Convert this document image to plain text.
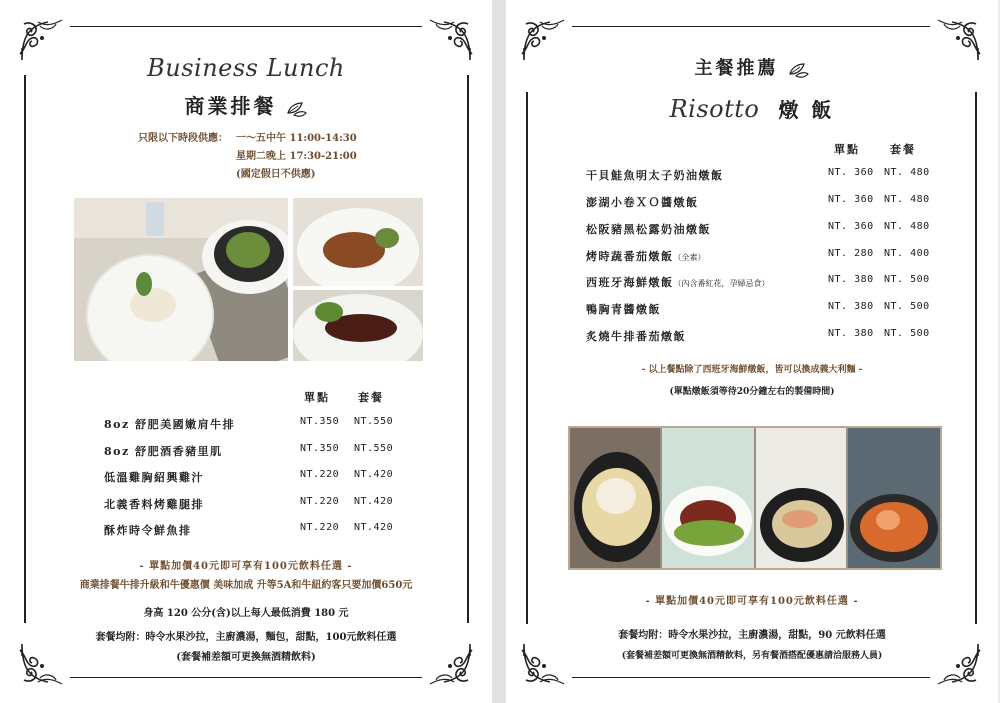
Business Lunch
商業排餐
只限以下時段供應： 一～五中午 11:00-14:30
星期二晚上 17:30-21:00
(國定假日不供應)
單點	套餐
8oz 舒肥美國嫩肩牛排	NT.350 NT.550
8oz 舒肥酒香豬里肌	NT.350 NT.550
低溫雞胸紹興雞汁	NT.220 NT.420
北義香料烤雞腿排	NT.220 NT.420
酥炸時令鮮魚排	NT.220 NT.420
- 單點加價40元即可享有100元飲料任選 -
商業排餐牛排升級和牛優惠價 美味加成 升等5A和牛紐約客只要加價650元
身高 120 公分(含)以上每人最低消費 180 元
套餐均附：時令水果沙拉，主廚濃湯，麵包，甜點，100元飲料任選
(套餐補差額可更換無酒精飲料)
主餐推薦
Risotto 燉 飯
單點	套餐
干貝鮭魚明太子奶油燉飯	NT. 360 NT. 480
澎湖小卷ＸＯ醬燉飯	NT. 360 NT. 480
松阪豬黑松露奶油燉飯	NT. 360 NT. 480
烤時蔬番茄燉飯（全素）	NT. 280 NT. 400
西班牙海鮮燉飯（內含番紅花，孕婦忌食）	NT. 380 NT. 500
鴨胸青醬燉飯	NT. 380 NT. 500
炙燒牛排番茄燉飯	NT. 380 NT. 500
- 以上餐點除了西班牙海鮮燉飯，皆可以換成義大利麵 -
(單點燉飯須等待20分鐘左右的製備時間)
- 單點加價40元即可享有100元飲料任選 -
套餐均附：時令水果沙拉，主廚濃湯，甜點，90 元飲料任選
(套餐補差額可更換無酒精飲料，另有餐酒搭配優惠請洽服務人員)
